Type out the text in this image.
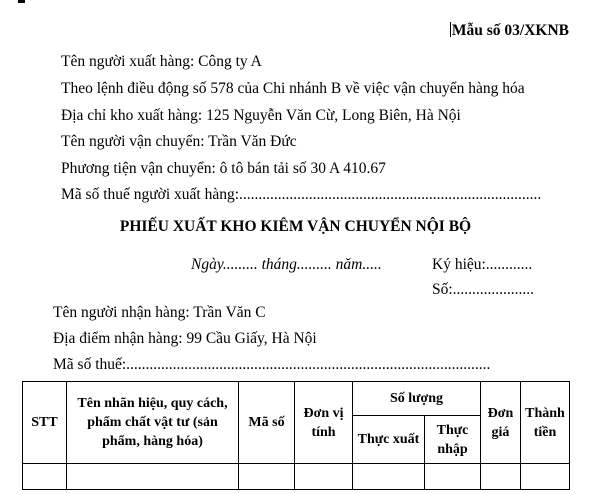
Mẫu số 03/XKNB
Tên người xuất hàng: Công ty A
Theo lệnh điều động số 578 của Chi nhánh B về việc vận chuyển hàng hóa
Địa chỉ kho xuất hàng: 125 Nguyễn Văn Cừ, Long Biên, Hà Nội
Tên người vận chuyển: Trần Văn Đức
Phương tiện vận chuyển: ô tô bán tải số 30 A 410.67
Mã số thuế người xuất hàng:..............................................................................
PHIẾU XUẤT KHO KIÊM VẬN CHUYỂN NỘI BỘ
Ngày......... tháng......... năm.....	Ký hiệu:............
Số:.....................
Tên người nhận hàng: Trần Văn C
Địa điểm nhận hàng: 99 Cầu Giấy, Hà Nội
Mã số thuế:..............................................................................................
STT	Tên nhãn hiệu, quy cách, phẩm chất vật tư (sản phẩm, hàng hóa)	Mã số	Đơn vị tính	Số lượng		Đơn giá	Thành tiền
				Thực xuất	Thực nhập		
